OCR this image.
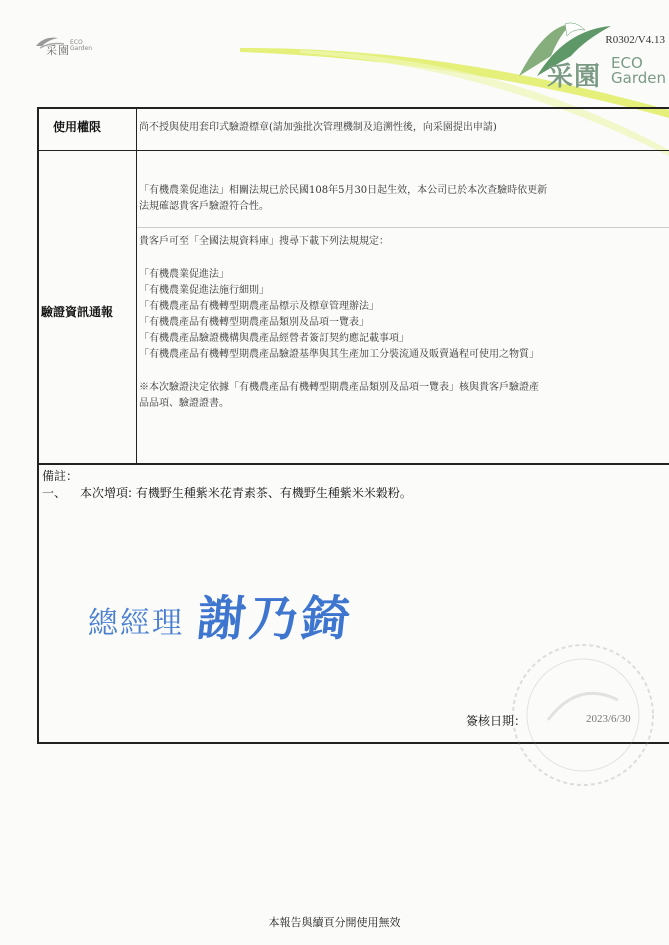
采園
ECO
Garden
R0302/V4.13
采園 ECO
Garden
使用權限	尚不授與使用套印式驗證標章(請加強批次管理機制及追溯性後，向采園提出申請)
驗證資訊通報
「有機農業促進法」相關法規已於民國108年5月30日起生效，本公司已於本次查驗時依更新
法規確認貴客戶驗證符合性。
貴客戶可至「全國法規資料庫」搜尋下載下列法規規定：
「有機農業促進法」
「有機農業促進法施行細則」
「有機農產品有機轉型期農產品標示及標章管理辦法」
「有機農產品有機轉型期農產品類別及品項一覽表」
「有機農產品驗證機構與農產品經營者簽訂契約應記載事項」
「有機農產品有機轉型期農產品驗證基準與其生產加工分裝流通及販賣過程可使用之物質」
※本次驗證決定依據「有機農產品有機轉型期農產品類別及品項一覽表」核與貴客戶驗證產
品品項、驗證證書。
備註：
一、 本次增項: 有機野生種紫米花青素茶、有機野生種紫米米穀粉。
總經理 謝乃錡
簽核日期：	2023/6/30
本報告與續頁分開使用無效
